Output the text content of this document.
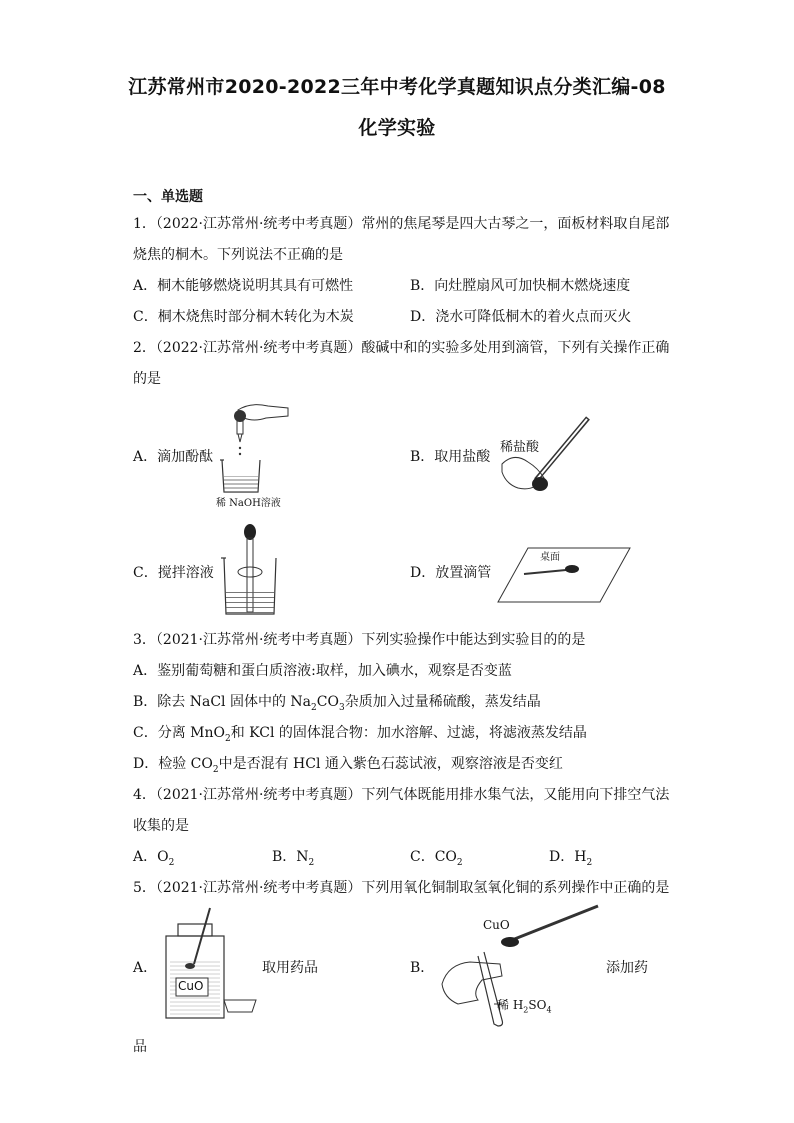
江苏常州市2020-2022三年中考化学真题知识点分类汇编-08
化学实验
一、单选题
1．（2022·江苏常州·统考中考真题）常州的焦尾琴是四大古琴之一，面板材料取自尾部
烧焦的桐木。下列说法不正确的是
A．桐木能够燃烧说明其具有可燃性	B．向灶膛扇风可加快桐木燃烧速度
C．桐木烧焦时部分桐木转化为木炭	D．浇水可降低桐木的着火点而灭火
2．（2022·江苏常州·统考中考真题）酸碱中和的实验多处用到滴管，下列有关操作正确
的是
A．滴加酚酞
稀 NaOH溶液
B．取用盐酸
稀盐酸
C．搅拌溶液	D．放置滴管
桌面
3．（2021·江苏常州·统考中考真题）下列实验操作中能达到实验目的的是
A．鉴别葡萄糖和蛋白质溶液:取样，加入碘水，观察是否变蓝
B．除去 NaCl 固体中的 $Na_2CO_3$杂质加入过量稀硫酸，蒸发结晶
C．分离 MnO$_2$和 KCl 的固体混合物：加水溶解、过滤，将滤液蒸发结晶
D．检验 $CO_2$中是否混有 HCl 通入紫色石蕊试液，观察溶液是否变红
4．（2021·江苏常州·统考中考真题）下列气体既能用排水集气法，又能用向下排空气法
收集的是
A．$O_2$	B．$N_2$	C．$CO_2$	D．$H_2$
5．（2021·江苏常州·统考中考真题）下列用氧化铜制取氢氧化铜的系列操作中正确的是
A．
CuO
取用药品	B．
CuO
稀 $H_2SO_4$
添加药
品
